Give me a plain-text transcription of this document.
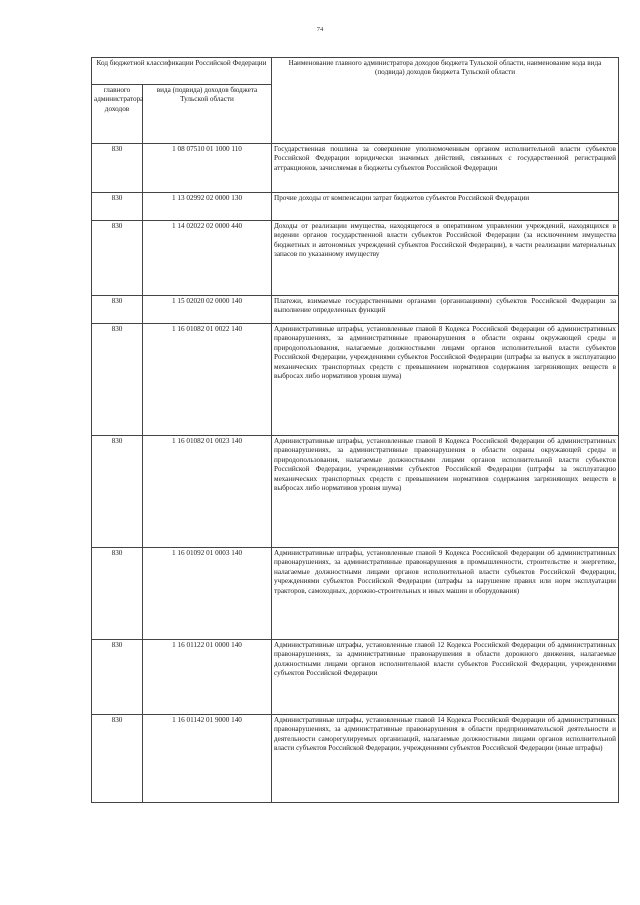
74
Код бюджетной классификации Российской Федерации		Наименование главного администратора доходов бюджета Тульской области, наименование кода вида (подвида) доходов бюджета Тульской области
главного администратора доходов	вида (подвида) доходов бюджета Тульской области	
830	1 08 07510 01 1000 110	Государственная пошлина за совершение уполномоченным органом исполнительной власти субъектов Российской Федерации юридически значимых действий, связанных с государственной регистрацией аттракционов, зачисляемая в бюджеты субъектов Российской Федерации
830	1 13 02992 02 0000 130	Прочие доходы от компенсации затрат бюджетов субъектов Российской Федерации
830	1 14 02022 02 0000 440	Доходы от реализации имущества, находящегося в оперативном управлении учреждений, находящихся в ведении органов государственной власти субъектов Российской Федерации (за исключением имущества бюджетных и автономных учреждений субъектов Российской Федерации), в части реализации материальных запасов по указанному имуществу
830	1 15 02020 02 0000 140	Платежи, взимаемые государственными органами (организациями) субъектов Российской Федерации за выполнение определенных функций
830	1 16 01082 01 0022 140	Административные штрафы, установленные главой 8 Кодекса Российской Федерации об административных правонарушениях, за административные правонарушения в области охраны окружающей среды и природопользования, налагаемые должностными лицами органов исполнительной власти субъектов Российской Федерации, учреждениями субъектов Российской Федерации (штрафы за выпуск в эксплуатацию механических транспортных средств с превышением нормативов содержания загрязняющих веществ в выбросах либо нормативов уровня шума)
830	1 16 01082 01 0023 140	Административные штрафы, установленные главой 8 Кодекса Российской Федерации об административных правонарушениях, за административные правонарушения в области охраны окружающей среды и природопользования, налагаемые должностными лицами органов исполнительной власти субъектов Российской Федерации, учреждениями субъектов Российской Федерации (штрафы за эксплуатацию механических транспортных средств с превышением нормативов содержания загрязняющих веществ в выбросах либо нормативов уровня шума)
830	1 16 01092 01 0003 140	Административные штрафы, установленные главой 9 Кодекса Российской Федерации об административных правонарушениях, за административные правонарушения в промышленности, строительстве и энергетике, налагаемые должностными лицами органов исполнительной власти субъектов Российской Федерации, учреждениями субъектов Российской Федерации (штрафы за нарушение правил или норм эксплуатации тракторов, самоходных, дорожно-строительных и иных машин и оборудования)
830	1 16 01122 01 0000 140	Административные штрафы, установленные главой 12 Кодекса Российской Федерации об административных правонарушениях, за административные правонарушения в области дорожного движения, налагаемые должностными лицами органов исполнительной власти субъектов Российской Федерации, учреждениями субъектов Российской Федерации
830	1 16 01142 01 9000 140	Административные штрафы, установленные главой 14 Кодекса Российской Федерации об административных правонарушениях, за административные правонарушения в области предпринимательской деятельности и деятельности саморегулируемых организаций, налагаемые должностными лицами органов исполнительной власти субъектов Российской Федерации, учреждениями субъектов Российской Федерации (иные штрафы)
